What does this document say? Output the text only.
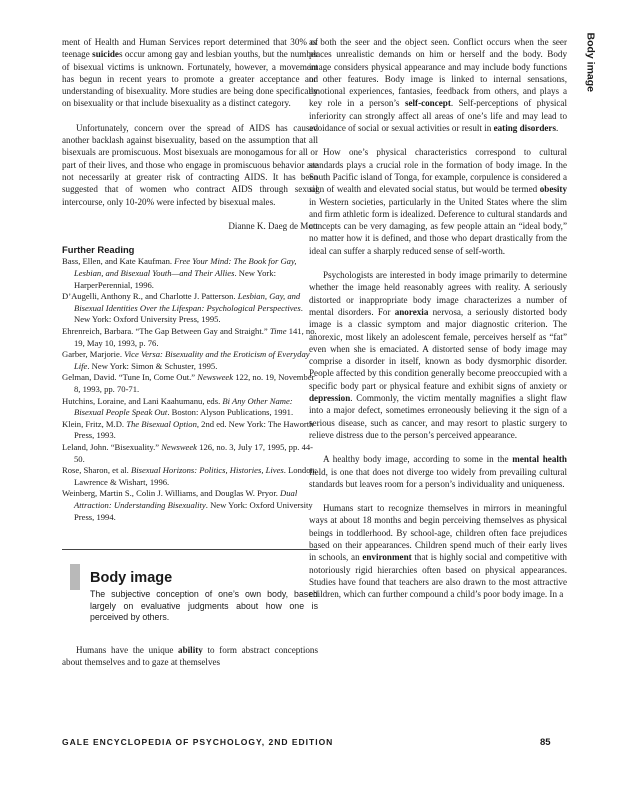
Body image

ment of Health and Human Services report determined that 30% of teenage suicides occur among gay and lesbian youths, but the number of bisexual victims is unknown. Fortunately, however, a movement has begun in recent years to promote a greater acceptance and understanding of bisexuality. More studies are being done specifically on bisexuality or that include bisexuality as a distinct category.

Unfortunately, concern over the spread of AIDS has caused another backlash against bisexuality, based on the assumption that all bisexuals are promiscuous. Most bisexuals are monogamous for all or part of their lives, and those who engage in promiscuous behavior are not necessarily at greater risk of contracting AIDS. It has been suggested that of women who contract AIDS through sexual intercourse, only 10-20% were infected by bisexual males.

Dianne K. Daeg de Mott
Further Reading

Bass, Ellen, and Kate Kaufman. Free Your Mind: The Book for Gay, Lesbian, and Bisexual Youth—and Their Allies. New York: HarperPerennial, 1996.

D’Augelli, Anthony R., and Charlotte J. Patterson. Lesbian, Gay, and Bisexual Identities Over the Lifespan: Psychological Perspectives. New York: Oxford University Press, 1995.

Ehrenreich, Barbara. “The Gap Between Gay and Straight.” Time 141, no. 19, May 10, 1993, p. 76.

Garber, Marjorie. Vice Versa: Bisexuality and the Eroticism of Everyday Life. New York: Simon & Schuster, 1995.

Gelman, David. “Tune In, Come Out.” Newsweek 122, no. 19, November 8, 1993, pp. 70-71.

Hutchins, Loraine, and Lani Kaahumanu, eds. Bi Any Other Name: Bisexual People Speak Out. Boston: Alyson Publications, 1991.

Klein, Fritz, M.D. The Bisexual Option, 2nd ed. New York: The Haworth Press, 1993.

Leland, John. “Bisexuality.” Newsweek 126, no. 3, July 17, 1995, pp. 44-50.

Rose, Sharon, et al. Bisexual Horizons: Politics, Histories, Lives. London: Lawrence & Wishart, 1996.

Weinberg, Martin S., Colin J. Williams, and Douglas W. Pryor. Dual Attraction: Understanding Bisexuality. New York: Oxford University Press, 1994.

Body image
The subjective conception of one’s own body, based largely on evaluative judgments about how one is perceived by others.

Humans have the unique ability to form abstract conceptions about themselves and to gaze at themselves

as both the seer and the object seen. Conflict occurs when the seer places unrealistic demands on him or herself and the body. Body image considers physical appearance and may include body functions or other features. Body image is linked to internal sensations, emotional experiences, fantasies, feedback from others, and plays a key role in a person’s self-concept. Self-perceptions of physical inferiority can strongly affect all areas of one’s life and may lead to avoidance of social or sexual activities or result in eating disorders.

How one’s physical characteristics correspond to cultural standards plays a crucial role in the formation of body image. In the South Pacific island of Tonga, for example, corpulence is considered a sign of wealth and elevated social status, but would be termed obesity in Western societies, particularly in the United States where the slim and firm athletic form is idealized. Deference to cultural standards and concepts can be very damaging, as few people attain an “ideal body,” no matter how it is defined, and those who depart drastically from the ideal can suffer a sharply reduced sense of self-worth.

Psychologists are interested in body image primarily to determine whether the image held reasonably agrees with reality. A seriously distorted or inappropriate body image characterizes a number of mental disorders. For anorexia nervosa, a seriously distorted body image is a classic symptom and major diagnostic criterion. The anorexic, most likely an adolescent female, perceives herself as “fat” even when she is emaciated. A distorted sense of body image may comprise a disorder in itself, known as body dysmorphic disorder. People affected by this condition generally become preoccupied with a specific body part or physical feature and exhibit signs of anxiety or depression. Commonly, the victim mentally magnifies a slight flaw into a major defect, sometimes erroneously believing it the sign of a serious disease, such as cancer, and may resort to plastic surgery to relieve distress due to the person’s perceived appearance.

A healthy body image, according to some in the mental health field, is one that does not diverge too widely from prevailing cultural standards but leaves room for a person’s individuality and uniqueness.

Humans start to recognize themselves in mirrors in meaningful ways at about 18 months and begin perceiving themselves as physical beings in toddlerhood. By school-age, children often face prejudices based on their appearances. Children spend much of their early lives in schools, an environment that is highly social and competitive with notoriously rigid hierarchies often based on physical appearances. Studies have found that teachers are also drawn to the most attractive children, which can further compound a child’s poor body image. In a

GALE ENCYCLOPEDIA OF PSYCHOLOGY, 2ND EDITION	85
